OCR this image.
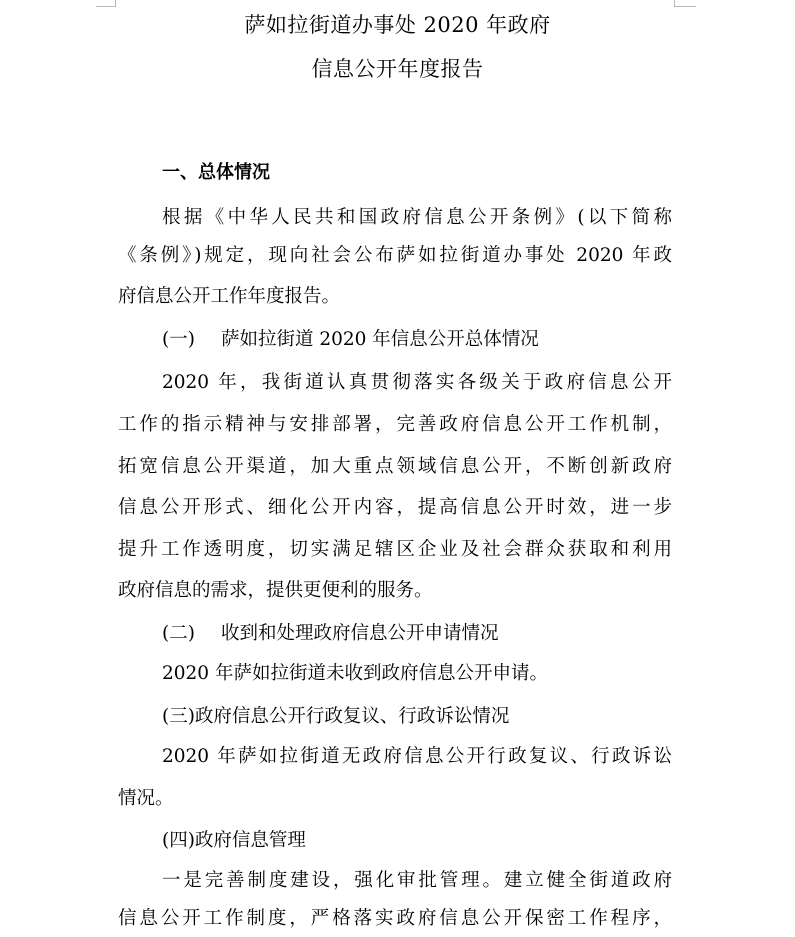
萨如拉街道办事处 2020 年政府
信息公开年度报告
一、总体情况
根据《中华人民共和国政府信息公开条例》(以下简称
《条例》)规定，现向社会公布萨如拉街道办事处 2020 年政
府信息公开工作年度报告。
(一) 萨如拉街道 2020 年信息公开总体情况
2020 年，我街道认真贯彻落实各级关于政府信息公开
工作的指示精神与安排部署，完善政府信息公开工作机制，
拓宽信息公开渠道，加大重点领域信息公开，不断创新政府
信息公开形式、细化公开内容，提高信息公开时效，进一步
提升工作透明度，切实满足辖区企业及社会群众获取和利用
政府信息的需求，提供更便利的服务。
(二) 收到和处理政府信息公开申请情况
2020 年萨如拉街道未收到政府信息公开申请。
(三)政府信息公开行政复议、行政诉讼情况
2020 年萨如拉街道无政府信息公开行政复议、行政诉讼
情况。
(四)政府信息管理
一是完善制度建设，强化审批管理。建立健全街道政府
信息公开工作制度，严格落实政府信息公开保密工作程序，
